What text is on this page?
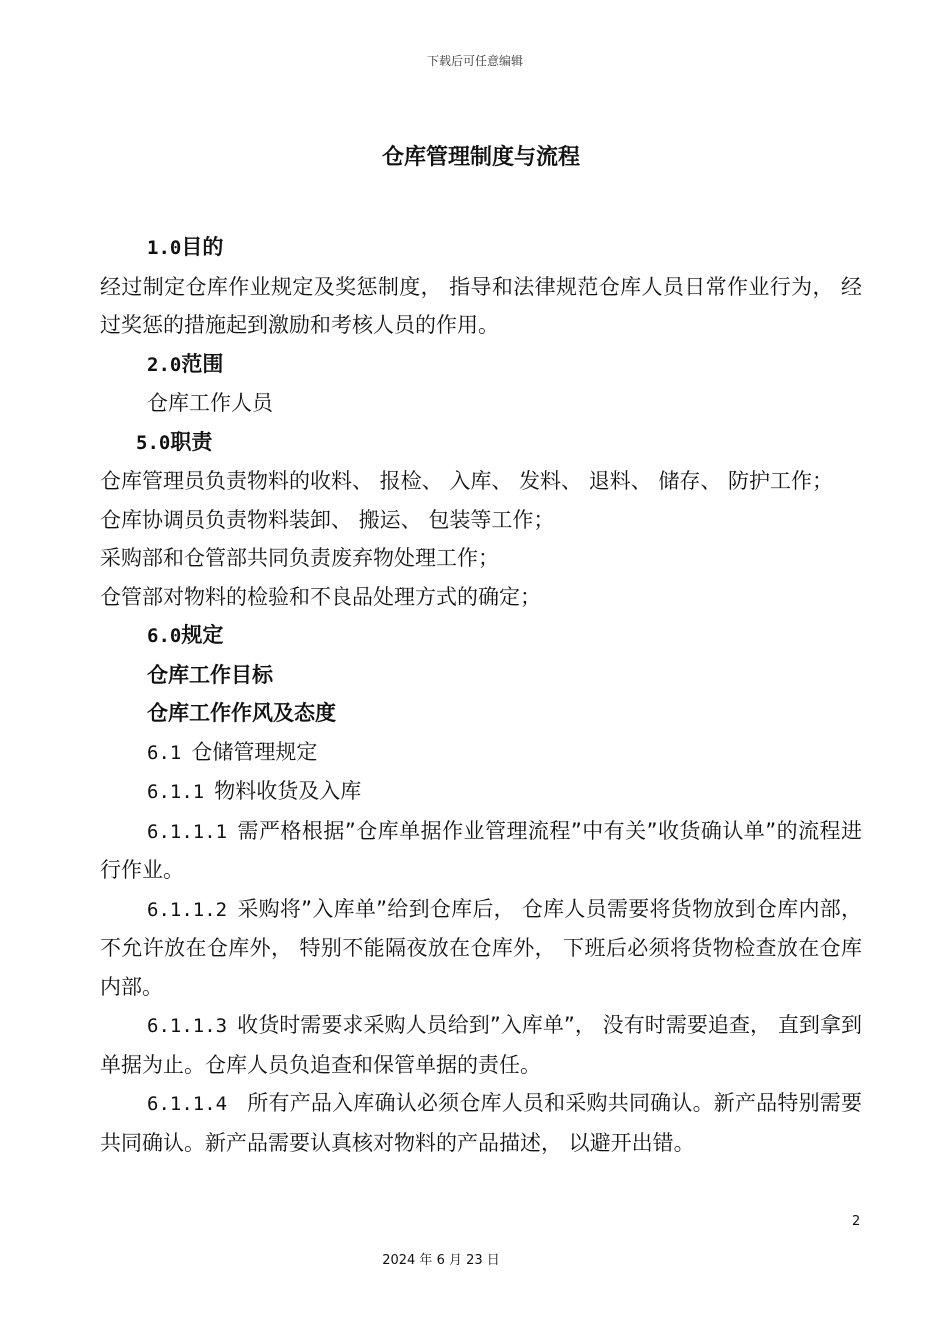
下载后可任意编辑
仓库管理制度与流程

1.0目的

经过制定仓库作业规定及奖惩制度， 指导和法律规范仓库人员日常作业行为， 经过奖惩的措施起到激励和考核人员的作用。

2.0范围

仓库工作人员

5.0职责

仓库管理员负责物料的收料、 报检、 入库、 发料、 退料、 储存、 防护工作；

仓库协调员负责物料装卸、 搬运、 包装等工作；

采购部和仓管部共同负责废弃物处理工作；

仓管部对物料的检验和不良品处理方式的确定；

6.0规定

仓库工作目标

仓库工作作风及态度

6.1 仓储管理规定

6.1.1 物料收货及入库

6.1.1.1 需严格根据”仓库单据作业管理流程”中有关”收货确认单”的流程进行作业。

6.1.1.2 采购将”入库单”给到仓库后， 仓库人员需要将货物放到仓库内部， 不允许放在仓库外， 特别不能隔夜放在仓库外， 下班后必须将货物检查放在仓库内部。

6.1.1.3 收货时需要求采购人员给到”入库单”， 没有时需要追查， 直到拿到单据为止。仓库人员负追查和保管单据的责任。

6.1.1.4 所有产品入库确认必须仓库人员和采购共同确认。新产品特别需要共同确认。新产品需要认真核对物料的产品描述， 以避开出错。

2
2024 年 6 月 23 日
